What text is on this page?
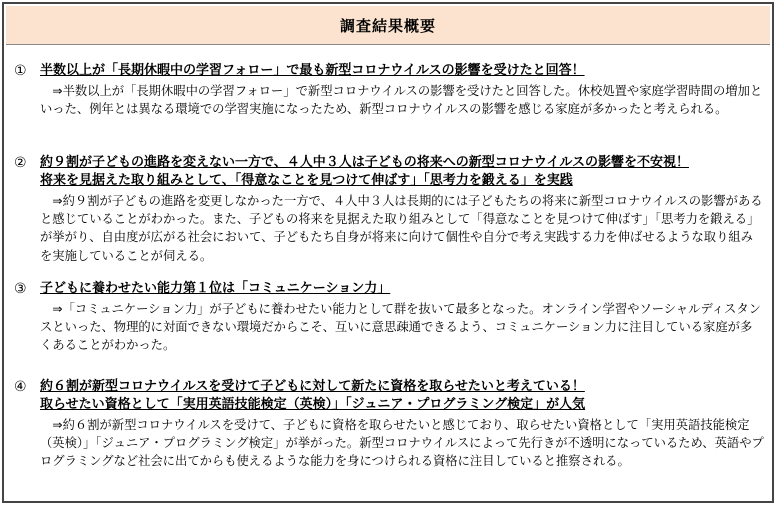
調査結果概要
①	半数以上が「長期休暇中の学習フォロー」で最も新型コロナウイルスの影響を受けたと回答！
⇒半数以上が「長期休暇中の学習フォロー」で新型コロナウイルスの影響を受けたと回答した。休校処置や家庭学習時間の増加といった、例年とは異なる環境での学習実施になったため、新型コロナウイルスの影響を感じる家庭が多かったと考えられる。
②	約９割が子どもの進路を変えない一方で、４人中３人は子どもの将来への新型コロナウイルスの影響を不安視！
将来を見据えた取り組みとして、「得意なことを見つけて伸ばす」「思考力を鍛える」を実践
⇒約９割が子どもの進路を変更しなかった一方で、４人中３人は長期的には子どもたちの将来に新型コロナウイルスの影響があると感じていることがわかった。また、子どもの将来を見据えた取り組みとして「得意なことを見つけて伸ばす」「思考力を鍛える」が挙がり、自由度が広がる社会において、子どもたち自身が将来に向けて個性や自分で考え実践する力を伸ばせるような取り組みを実施していることが伺える。
③	子どもに養わせたい能力第１位は「コミュニケーション力」
⇒「コミュニケーション力」が子どもに養わせたい能力として群を抜いて最多となった。オンライン学習やソーシャルディスタンスといった、物理的に対面できない環境だからこそ、互いに意思疎通できるよう、コミュニケーション力に注目している家庭が多くあることがわかった。
④	約６割が新型コロナウイルスを受けて子どもに対して新たに資格を取らせたいと考えている！
取らせたい資格として「実用英語技能検定（英検）」「ジュニア・プログラミング検定」が人気
⇒約６割が新型コロナウイルスを受けて、子どもに資格を取らせたいと感じており、取らせたい資格として「実用英語技能検定（英検）」「ジュニア・プログラミング検定」が挙がった。新型コロナウイルスによって先行きが不透明になっているため、英語やプログラミングなど社会に出てからも使えるような能力を身につけられる資格に注目していると推察される。
